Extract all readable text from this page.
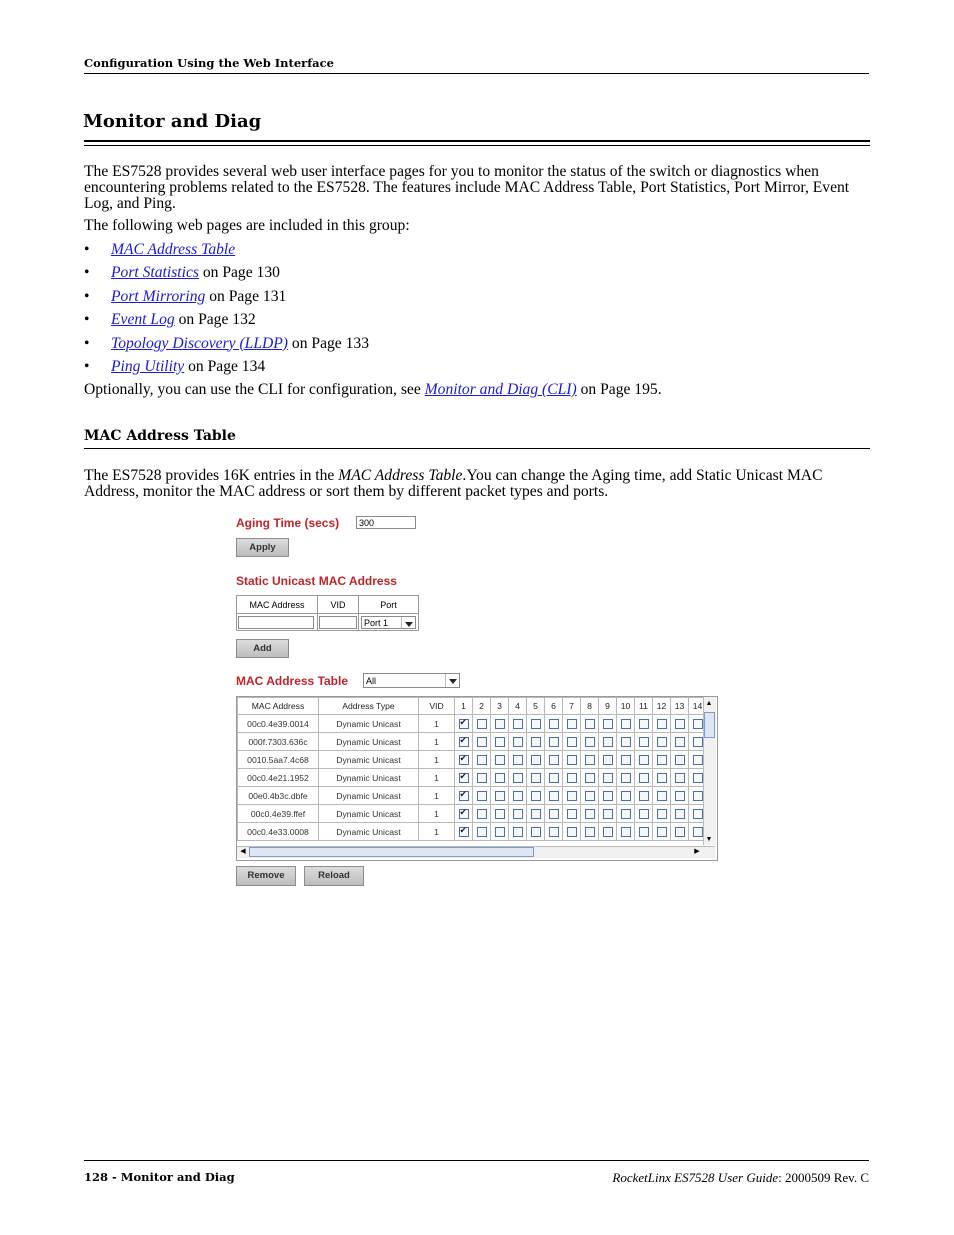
Configuration Using the Web Interface
Monitor and Diag
The ES7528 provides several web user interface pages for you to monitor the status of the switch or diagnostics when encountering problems related to the ES7528. The features include MAC Address Table, Port Statistics, Port Mirror, Event Log, and Ping.
The following web pages are included in this group:
• MAC Address Table
• Port Statistics on Page 130
• Port Mirroring on Page 131
• Event Log on Page 132
• Topology Discovery (LLDP) on Page 133
• Ping Utility on Page 134
Optionally, you can use the CLI for configuration, see Monitor and Diag (CLI) on Page 195.
MAC Address Table
The ES7528 provides 16K entries in the MAC Address Table.You can change the Aging time, add Static Unicast MAC Address, monitor the MAC address or sort them by different packet types and ports.
Aging Time (secs)	300
Apply
Static Unicast MAC Address
MAC Address	VID	Port

		Port 1
Add
MAC Address Table	All
MAC Address	Address Type	VID	1	2	3	4	5	6	7	8	9	10	11	12	13	14
00c0.4e39.0014	Dynamic Unicast	1	✔													
000f.7303.636c	Dynamic Unicast	1	✔													
0010.5aa7.4c68	Dynamic Unicast	1	✔													
00c0.4e21.1952	Dynamic Unicast	1	✔													
00e0.4b3c.dbfe	Dynamic Unicast	1	✔													
00c0.4e39.ffef	Dynamic Unicast	1	✔													
00c0.4e33.0008	Dynamic Unicast	1	✔													
▲
▼
◀	▶
Remove	Reload
128 - Monitor and Diag	RocketLinx ES7528 User Guide: 2000509 Rev. C
